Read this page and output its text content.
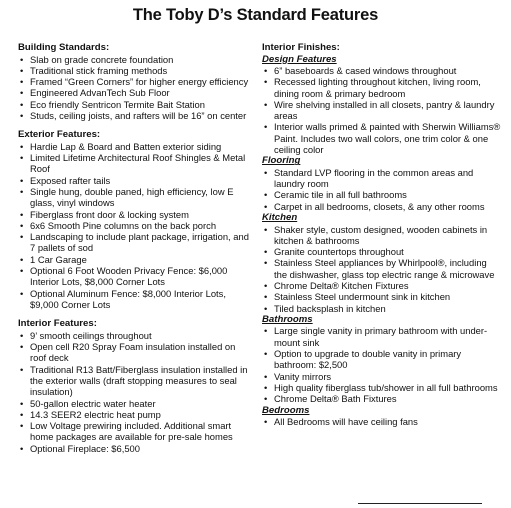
The Toby D’s Standard Features
Building Standards:
• Slab on grade concrete foundation
• Traditional stick framing methods
• Framed “Green Corners” for higher energy efficiency
• Engineered AdvanTech Sub Floor
• Eco friendly Sentricon Termite Bait Station
• Studs, ceiling joists, and rafters will be 16” on center
Exterior Features:
• Hardie Lap & Board and Batten exterior siding
• Limited Lifetime Architectural Roof Shingles & Metal Roof
• Exposed rafter tails
• Single hung, double paned, high efficiency, low E glass, vinyl windows
• Fiberglass front door & locking system
• 6x6 Smooth Pine columns on the back porch
• Landscaping to include plant package, irrigation, and 7 pallets of sod
• 1 Car Garage
• Optional 6 Foot Wooden Privacy Fence: $6,000 Interior Lots, $8,000 Corner Lots
• Optional Aluminum Fence: $8,000 Interior Lots, $9,000 Corner Lots
Interior Features:
• 9’ smooth ceilings throughout
• Open cell R20 Spray Foam insulation installed on roof deck
• Traditional R13 Batt/Fiberglass insulation installed in the exterior walls (draft stopping measures to seal insulation)
• 50-gallon electric water heater
• 14.3 SEER2 electric heat pump
• Low Voltage prewiring included. Additional smart home packages are available for pre-sale homes
• Optional Fireplace: $6,500
Interior Finishes:
Design Features
• 6” baseboards & cased windows throughout
• Recessed lighting throughout kitchen, living room, dining room & primary bedroom
• Wire shelving installed in all closets, pantry & laundry areas
• Interior walls primed & painted with Sherwin Williams® Paint. Includes two wall colors, one trim color & one ceiling color
Flooring
• Standard LVP flooring in the common areas and laundry room
• Ceramic tile in all full bathrooms
• Carpet in all bedrooms, closets, & any other rooms
Kitchen
• Shaker style, custom designed, wooden cabinets in kitchen & bathrooms
• Granite countertops throughout
• Stainless Steel appliances by Whirlpool®, including the dishwasher, glass top electric range & microwave
• Chrome Delta® Kitchen Fixtures
• Stainless Steel undermount sink in kitchen
• Tiled backsplash in kitchen
Bathrooms
• Large single vanity in primary bathroom with under-mount sink
• Option to upgrade to double vanity in primary bathroom: $2,500
• Vanity mirrors
• High quality fiberglass tub/shower in all full bathrooms
• Chrome Delta® Bath Fixtures
Bedrooms
• All Bedrooms will have ceiling fans
